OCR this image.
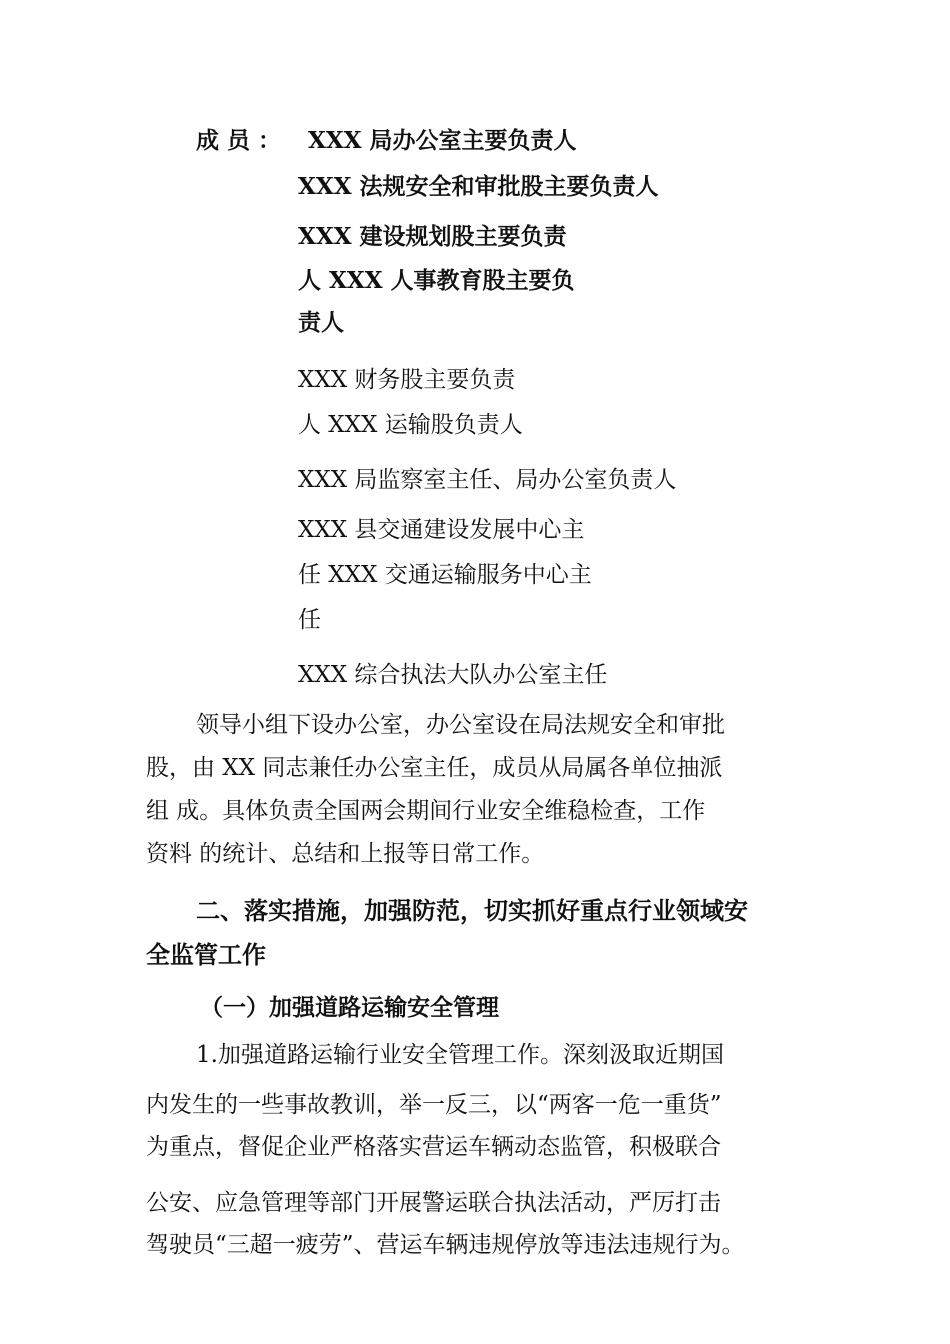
成 员 ： XXX 局办公室主要负责人
XXX 法规安全和审批股主要负责人
XXX 建设规划股主要负责
人 XXX 人事教育股主要负
责人
XXX 财务股主要负责
人 XXX 运输股负责人
XXX 局监察室主任、局办公室负责人
XXX 县交通建设发展中心主
任 XXX 交通运输服务中心主
任
XXX 综合执法大队办公室主任
领导小组下设办公室，办公室设在局法规安全和审批
股，由 XX 同志兼任办公室主任，成员从局属各单位抽派
组 成。具体负责全国两会期间行业安全维稳检查，工作
资料 的统计、总结和上报等日常工作。
二、落实措施，加强防范，切实抓好重点行业领域安
全监管工作
（一）加强道路运输安全管理
1.加强道路运输行业安全管理工作。深刻汲取近期国
内发生的一些事故教训，举一反三，以“两客一危一重货”
为重点，督促企业严格落实营运车辆动态监管，积极联合
公安、应急管理等部门开展警运联合执法活动，严厉打击
驾驶员“三超一疲劳”、营运车辆违规停放等违法违规行为。
